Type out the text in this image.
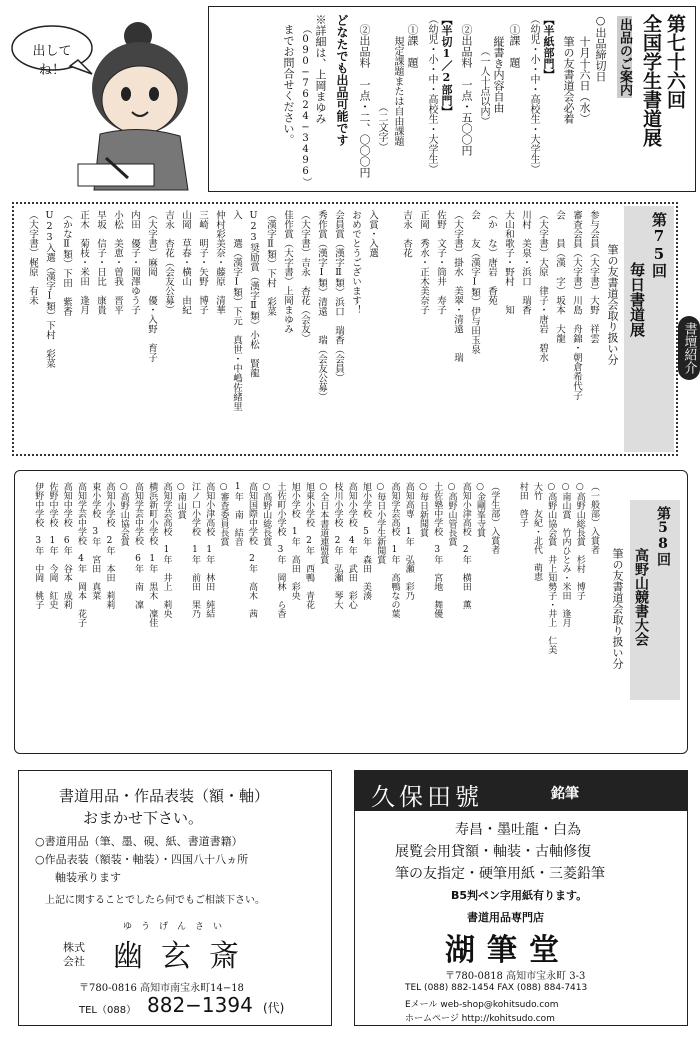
出してね！	第七十六回
全国学生書道展
出品のご案内
○出品締切日
十月十六日（水）
筆の友書道会必着
【半紙部門】
（幼児・小・中・高校生・大学生）
①課　題
縦書き内容自由
（一人十点以内）
②出品料　一点・五〇〇円
【半切1／2部門】
（幼児・小・中・高校生・大学生）
①課　題
規定課題または自由課題
（二文字）
②出品料　一点・二、〇〇〇円
どなたでも出品可能です
※詳細は、上岡まゆみ
（090−7624−3496）
までお問合せください。
第75回
毎日書道展
筆の友書道会取り扱い分
参与会員（大字書）大野　祥雲
審査会員（大字書）川島　舟錦・朝倉希代子
会　　員（漢　字）坂本　大龍
（大字書）大原　律子・唐岩　碧水
川村　美泉・浜口　瑞香
大山和歌子・野村　　知
（か　な）唐岩　香苑
会　　友（漢字Ⅰ類）伊与田玉泉
（大字書）掛水　美翠・清遠　　瑞
佐野　文子・筒井　寿子
正岡　秀水・正木美奈子
吉永　杏花
入賞・入選
おめでとうございます！
会員賞（漢字Ⅱ類）浜口　瑞香（会員）
秀作賞（漢字Ⅰ類）清遠　　瑞（会友公募）
（大字書）吉永　杏花（会友）
佳作賞（大字書）上岡まゆみ
（漢字Ⅱ類）下村　彩菜
U23奨励賞（漢字Ⅱ類）小松　賢龍
入　　選（漢字Ⅰ類）下元　真世・中嶋佐緒里
仲村彩美奈・藤原　清華
三崎　明子・矢野　博子
山岡　草春・横山　由紀
吉永　杏花（会友公募）
（大字書）麻岡　　優・入野　育子
内田　優子・岡澤ゆう子
小松　美恵・曽我　晋平
早坂　信子・日比　康貴
正木　菊枝・米田　逢月
（かなⅡ類）下田　紫香
U23入選（漢字Ⅰ類）下村　彩菜
（大字書）梶原　有未
書壇紹介
第58回
高野山競書大会
筆の友書道会取り扱い分
（一般部）入賞者
○高野山総長賞　杉村　博子
○南山賞　竹内ひとみ・米田　逢月
○高野山協会賞　井上知勢子・井上　仁美
大竹　友紀・北代　萌恵
村田　啓子
（学生部）入賞者
○金剛峯寺賞
高知小津高校　2年　横田　薫
○高野山管長賞
土佐塾中学校　3年　宮地　舞優
○毎日新聞賞
高知高専　1年　弘瀬　彩乃
高知学芸高校　1年　高鴨なの葉
○毎日小学生新聞賞
旭小学校　5年　森田　美湊
高知小学校　4年　武田　彩心
枝川小学校　2年　弘瀬　琴大
○全日本書道連盟賞
旭東小学校　2年　西鴨　青花
旭小学校　1年　高田　彩央
土佐町小学校　3年　岡林　ら香
○高野山総長賞
高知国際中学校　2年　高木　茜
1年　南　結音
○審査委員長賞
高知小津高校　1年　林田　純結
江ノ口小学校　1年　前田　果乃
○南山賞
高知学芸高校　1年　井上　莉央
横浜新町小学校　1年　黒木　凜佳
高知学芸中学校　6年　南　凜
○高野山協会賞
高知小学校　2年　本田　莉莉
東小学校　3年　宮田　真菜
高知学芸中学校　4年　岡本　花子
高知中学校　6年　谷本　成莉
佐野中学校　1年　今岡　紅史
伊野中学校　3年　中岡　桃子
書道用品・作品表装（額・軸）
おまかせ下さい。
○書道用品（筆、墨、硯、紙、書道書籍）
○作品表装（額装・軸装）・四国八十八ヵ所
軸装承ります
上記に関することでしたら何でもご相談下さい。
ゆ　う　げ　ん　さ　い
株式
会社 幽玄斎
〒780-0816 高知市南宝永町14−18
TEL（088） 882−1394 (代)
久保田號	銘筆
寿昌・墨吐龍・白為
展覧会用貸額・軸装・古軸修復
筆の友指定・硬筆用紙・三菱鉛筆
B5判ペン字用紙有ります。
書道用品専門店
湖筆堂
〒780-0818 高知市宝永町 3-3
TEL (088) 882-1454 FAX (088) 884-7413
Eメール web-shop@kohitsudo.com
ホームページ http://kohitsudo.com
